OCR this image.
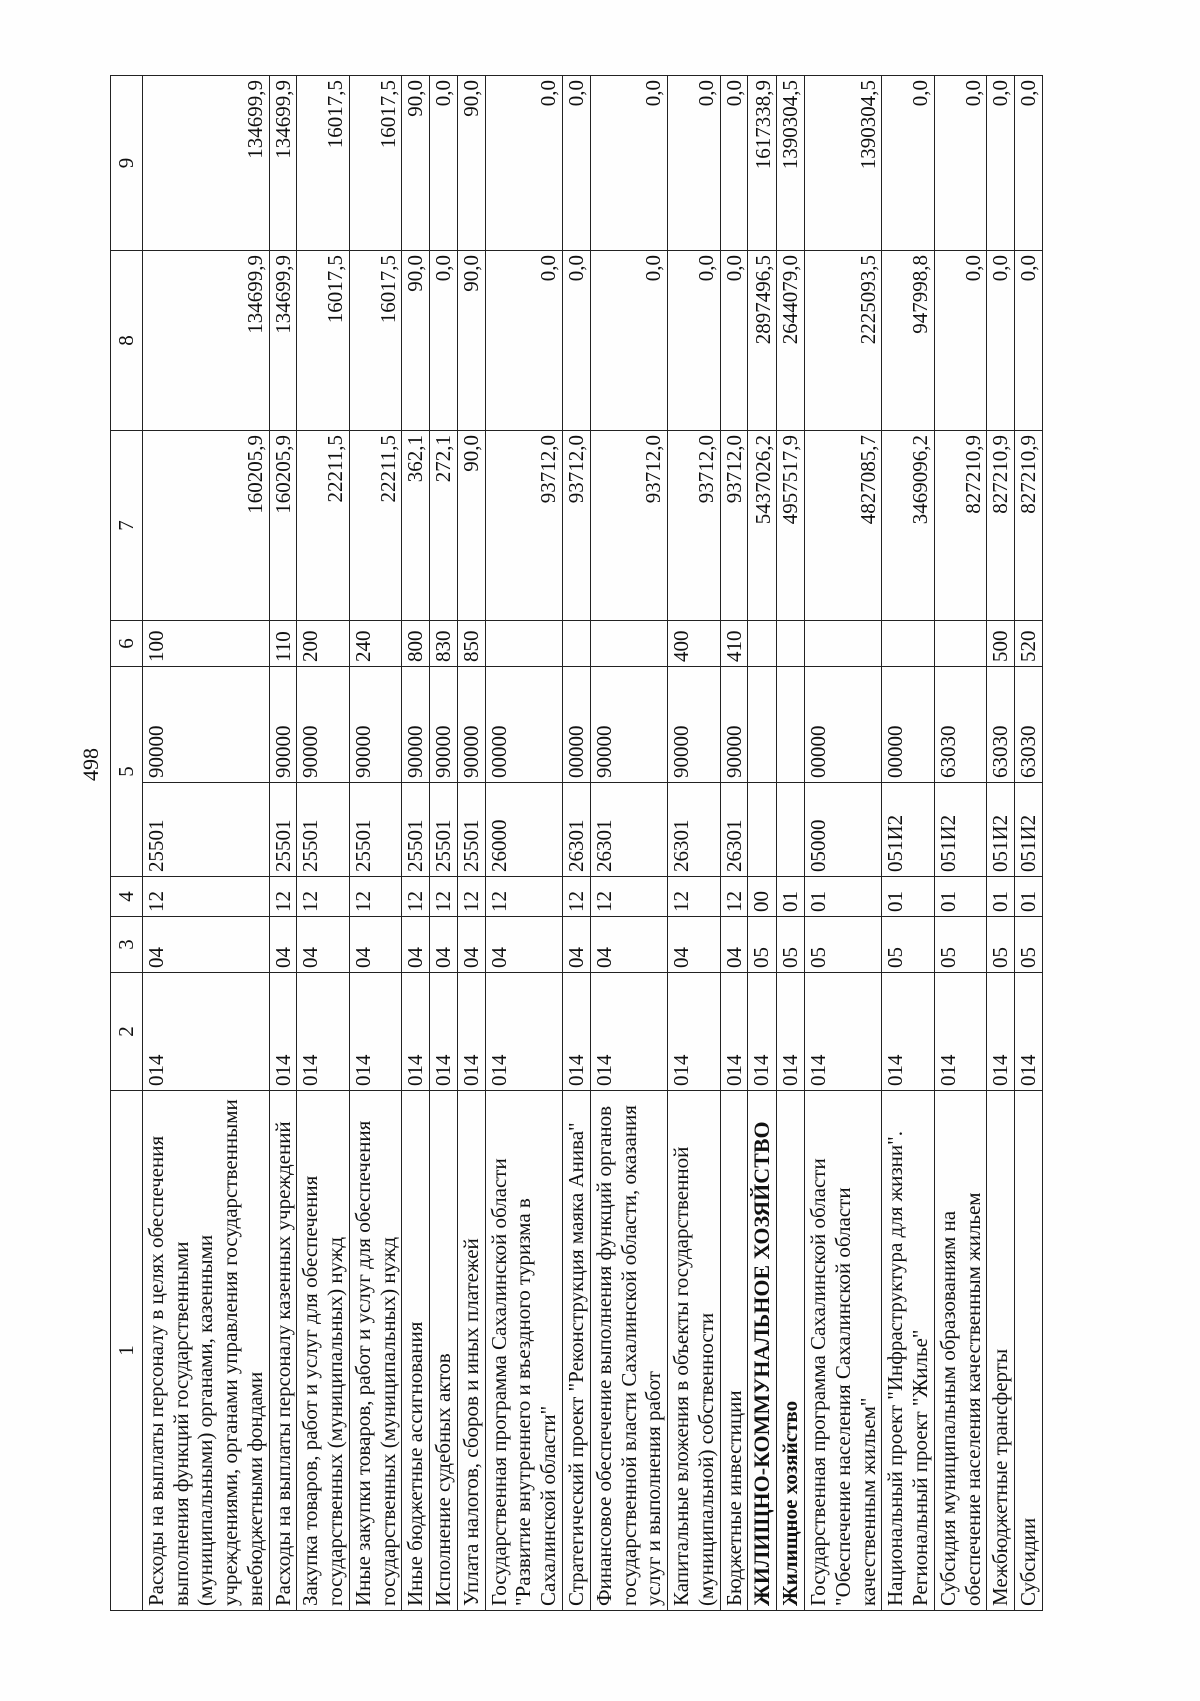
498
1	2	3	4	5		6	7	8	9
Расходы на выплаты персоналу в целях обеспечения выполнения функций государственными (муниципальными) органами, казенными учреждениями, органами управления государственными внебюджетными фондами	014	04	12	25501	90000	100	160205,9	134699,9	134699,9
Расходы на выплаты персоналу казенных учреждений	014	04	12	25501	90000	110	160205,9	134699,9	134699,9
Закупка товаров, работ и услуг для обеспечения государственных (муниципальных) нужд	014	04	12	25501	90000	200	22211,5	16017,5	16017,5
Иные закупки товаров, работ и услуг для обеспечения государственных (муниципальных) нужд	014	04	12	25501	90000	240	22211,5	16017,5	16017,5
Иные бюджетные ассигнования	014	04	12	25501	90000	800	362,1	90,0	90,0
Исполнение судебных актов	014	04	12	25501	90000	830	272,1	0,0	0,0
Уплата налогов, сборов и иных платежей	014	04	12	25501	90000	850	90,0	90,0	90,0
Государственная программа Сахалинской области "Развитие внутреннего и въездного туризма в Сахалинской области"	014	04	12	26000	00000		93712,0	0,0	0,0
Стратегический проект "Реконструкция маяка Анива"	014	04	12	26301	00000		93712,0	0,0	0,0
Финансовое обеспечение выполнения функций органов государственной власти Сахалинской области, оказания услуг и выполнения работ	014	04	12	26301	90000		93712,0	0,0	0,0
Капитальные вложения в объекты государственной (муниципальной) собственности	014	04	12	26301	90000	400	93712,0	0,0	0,0
Бюджетные инвестиции	014	04	12	26301	90000	410	93712,0	0,0	0,0
ЖИЛИЩНО-КОММУНАЛЬНОЕ ХОЗЯЙСТВО	014	05	00				5437026,2	2897496,5	1617338,9
Жилищное хозяйство	014	05	01				4957517,9	2644079,0	1390304,5
Государственная программа Сахалинской области "Обеспечение населения Сахалинской области качественным жильем"	014	05	01	05000	00000		4827085,7	2225093,5	1390304,5
Национальный проект "Инфраструктура для жизни". Региональный проект "Жилье"	014	05	01	051И2	00000		3469096,2	947998,8	0,0
Субсидия муниципальным образованиям на обеспечение населения качественным жильем	014	05	01	051И2	63030		827210,9	0,0	0,0
Межбюджетные трансферты	014	05	01	051И2	63030	500	827210,9	0,0	0,0
Субсидии	014	05	01	051И2	63030	520	827210,9	0,0	0,0
